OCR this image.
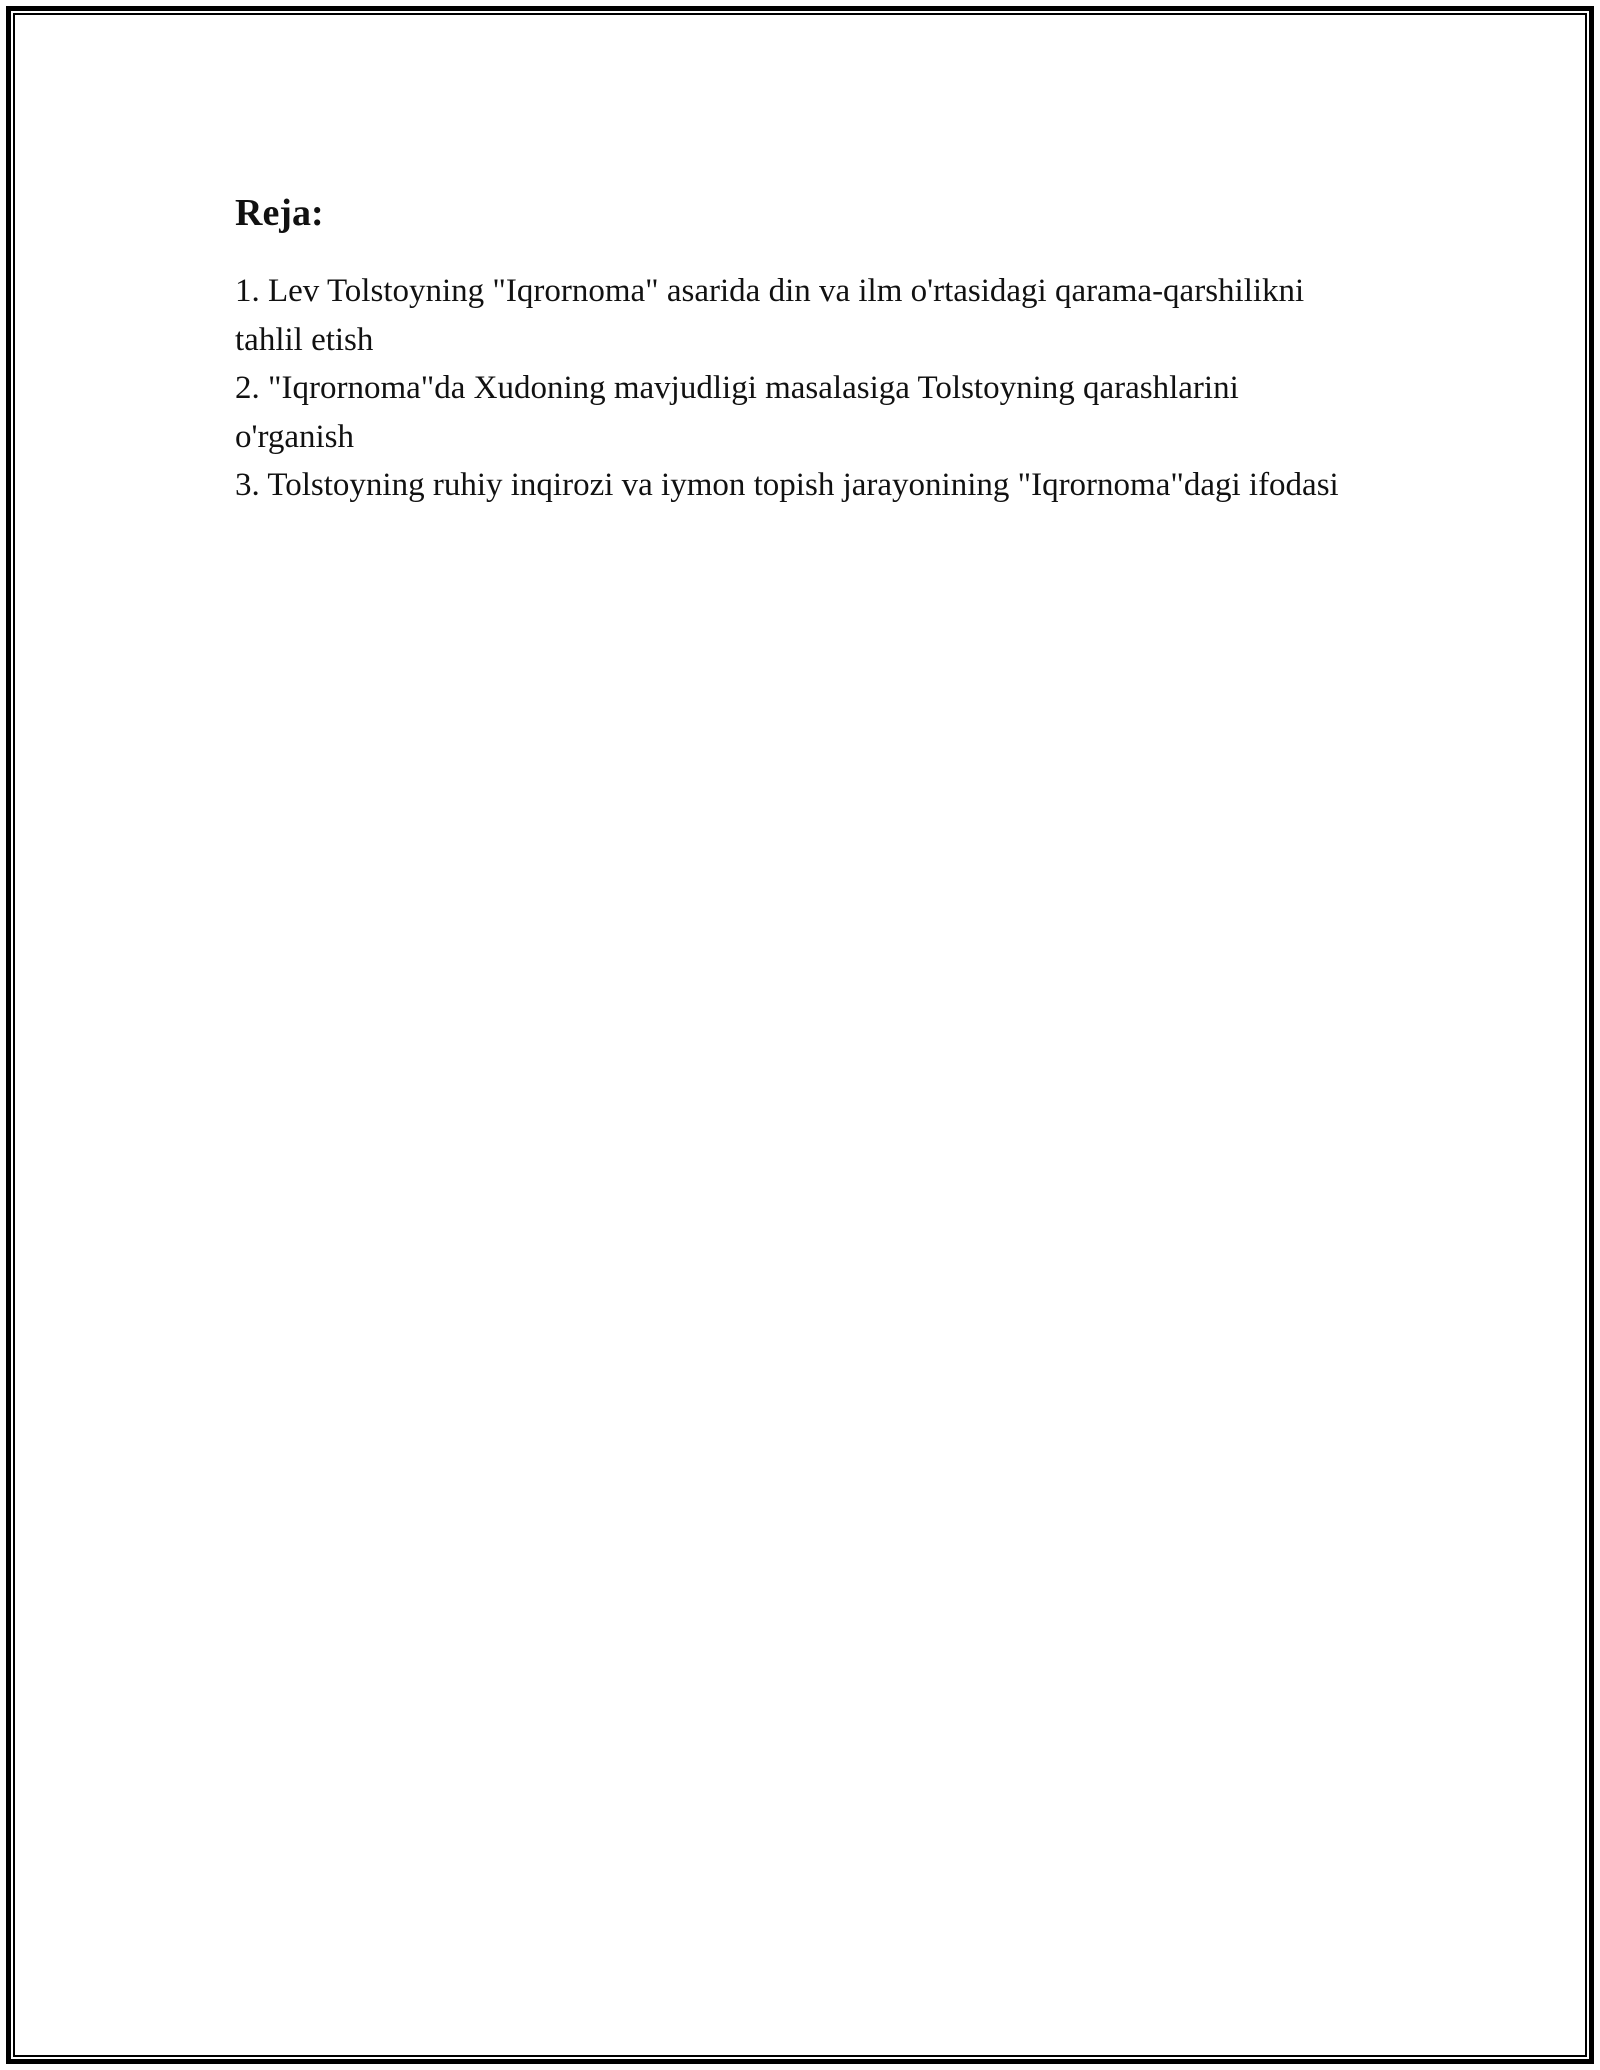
Reja:
1. Lev Tolstoyning "Iqrornoma" asarida din va ilm o'rtasidagi qarama-qarshilikni tahlil etish
2. "Iqrornoma"da Xudoning mavjudligi masalasiga Tolstoyning qarashlarini o'rganish
3. Tolstoyning ruhiy inqirozi va iymon topish jarayonining "Iqrornoma"dagi ifodasi
